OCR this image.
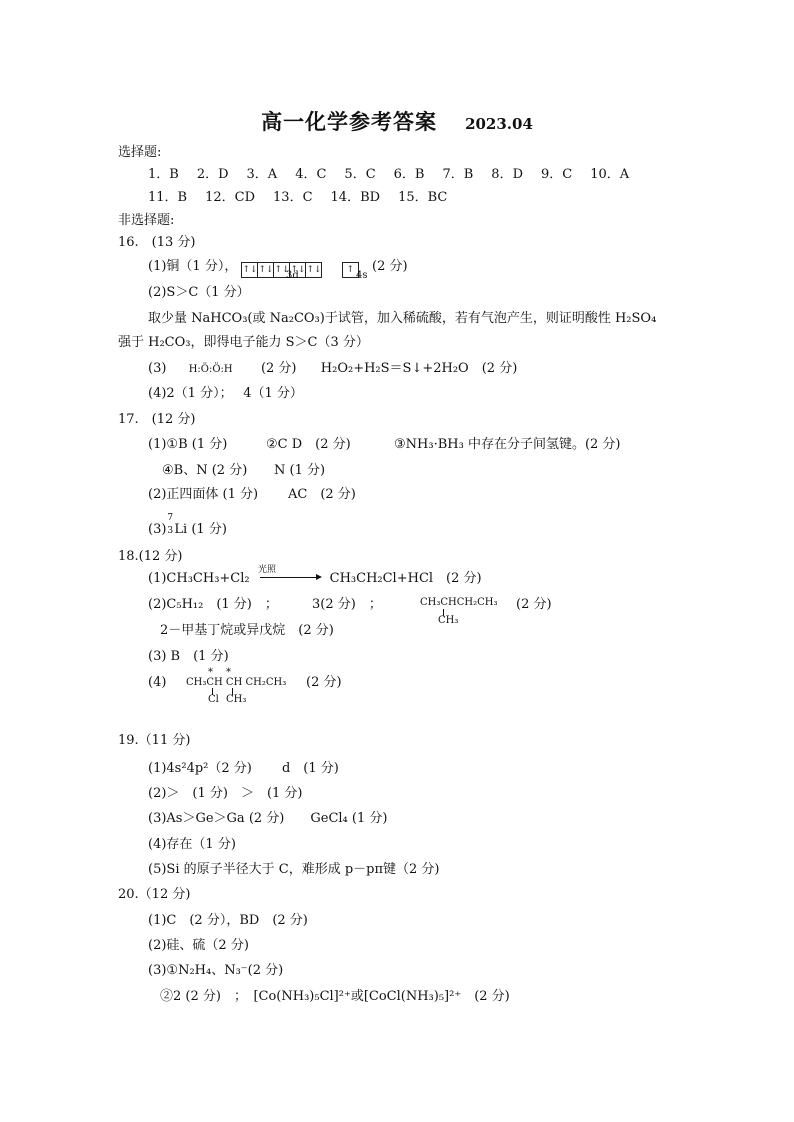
高一化学参考答案 2023.04
选择题:
1．B 2．D 3．A 4．C 5．C 6．B 7．B 8．D 9．C 10．A
11．B 12．CD 13．C 14．BD 15．BC
非选择题:
16.　(13 分)
(1)铜（1 分）， ↑↓↑↓↑↓↑↓↑↓	↑ (2 分)
3d	4s
(2)S＞C（1 分）
取少量 NaHCO₃(或 Na₂CO₃)于试管，加入稀硫酸，若有气泡产生，则证明酸性 H₂SO₄
强于 H₂CO₃，即得电子能力 S＞C（3 分）
(3) H:Ö:Ö:H (2 分) H₂O₂+H₂S＝S↓+2H₂O　(2 分)
(4)2（1 分）；　 4（1 分）
17.　(12 分)
(1)①B (1 分)	②C D　(2 分)	③NH₃·BH₃ 中存在分子间氢键。(2 分)
④B、N (2 分) N (1 分)
(2)正四面体 (1 分) AC　(2 分)
(3)
7
3 Li (1 分)
18.(12 分)
光照
(1)CH₃CH₃+Cl₂	CH₃CH₂Cl+HCl　(2 分)
(2)C₅H₁₂　(1 分)　；	3(2 分)　；	CH₃CHCH₂CH₃
CH₃
(2 分)
2－甲基丁烷或异戊烷　(2 分)
(3) B　(1 分)
(4)
* *
CH₃CH CH CH₂CH₃
Cl CH₃
(2 分)
19.（11 分)
(1)4s²4p²（2 分)　　 d　(1 分)
(2)＞　(1 分)　＞　(1 分)
(3)As＞Ge＞Ga (2 分)　　GeCl₄ (1 分)
(4)存在（1 分)
(5)Si 的原子半径大于 C，难形成 p－pπ键（2 分)
20.（12 分)
(1)C　(2 分），BD　(2 分)
(2)硅、硫（2 分)
(3)①N₂H₄、N₃⁻(2 分)
②2 (2 分)　；　[Co(NH₃)₅Cl]²⁺或[CoCl(NH₃)₅]²⁺　(2 分)
